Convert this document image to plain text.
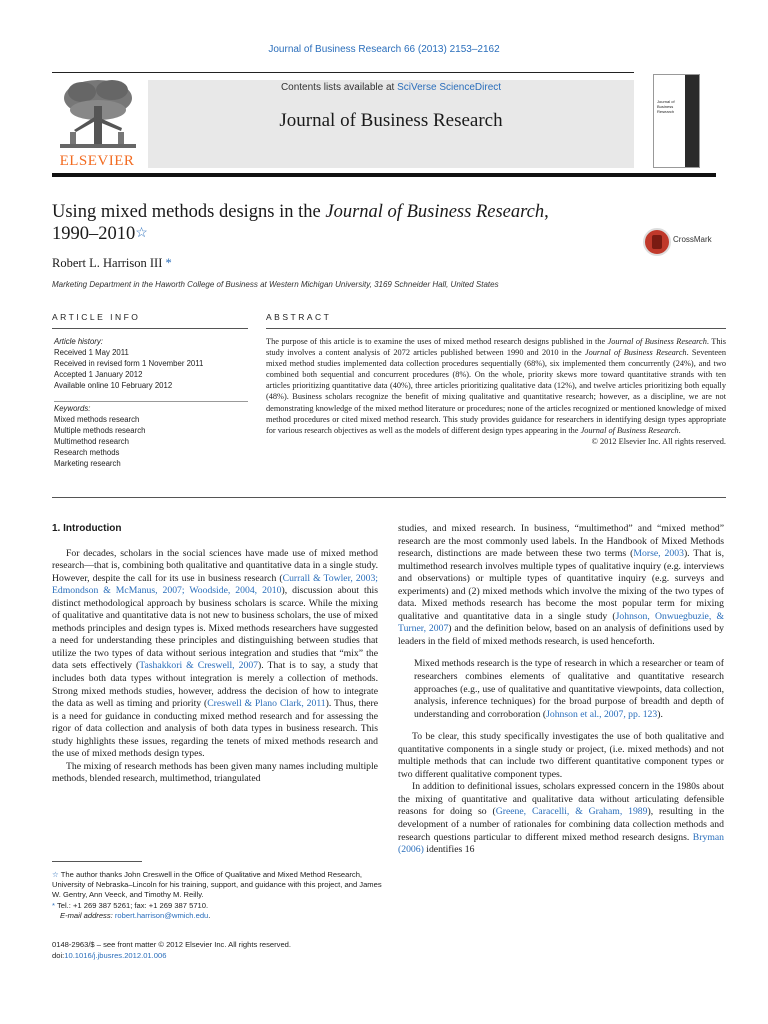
Journal of Business Research 66 (2013) 2153–2162
ELSEVIER
Contents lists available at SciVerse ScienceDirect
Journal of Business Research
Journal of Business Research
Using mixed methods designs in the Journal of Business Research,
1990–2010☆	CrossMark
Robert L. Harrison III *
Marketing Department in the Haworth College of Business at Western Michigan University, 3169 Schneider Hall, United States
ARTICLE INFO
Article history:
Received 1 May 2011
Received in revised form 1 November 2011
Accepted 1 January 2012
Available online 10 February 2012
Keywords:
Mixed methods research
Multiple methods research
Multimethod research
Research methods
Marketing research
ABSTRACT
The purpose of this article is to examine the uses of mixed method research designs published in the Journal of Business Research. This study involves a content analysis of 2072 articles published between 1990 and 2010 in the Journal of Business Research. Seventeen mixed method studies implemented data collection procedures sequentially (68%), six implemented them concurrently (24%), and two combined both sequential and concurrent procedures (8%). On the whole, priority skews more toward quantitative strands with ten articles prioritizing quantitative data (40%), three articles prioritizing qualitative data (12%), and twelve articles prioritizing both equally (48%). Business scholars recognize the benefit of mixing qualitative and quantitative research; however, as a discipline, we are not demonstrating knowledge of the mixed method literature or procedures; none of the articles recognized or mentioned knowledge of mixed method procedures or cited mixed method research. This study provides guidance for researchers in identifying design types appropriate for various research objectives as well as the models of different design types appearing in the Journal of Business Research.
© 2012 Elsevier Inc. All rights reserved.

1. Introduction

For decades, scholars in the social sciences have made use of mixed method research—that is, combining both qualitative and quantitative data in a single study. However, despite the call for its use in business research (Currall & Towler, 2003; Edmondson & McManus, 2007; Woodside, 2004, 2010), discussion about this distinct methodological approach by business scholars is scarce. While the mixing of qualitative and quantitative data is not new to business scholars, the use of mixed methods principles and design types is. Mixed methods researchers have suggested a need for understanding these principles and distinguishing between studies that utilize the two types of data without serious integration and studies that “mix” the data sets effectively (Tashakkori & Creswell, 2007). That is to say, a study that includes both data types without integration is merely a collection of methods. Strong mixed methods studies, however, address the decision of how to integrate the data as well as timing and priority (Creswell & Plano Clark, 2011). Thus, there is a need for guidance in conducting mixed method research and for assessing the rigor of data collection and analysis of both data types in business research. This study highlights these issues, regarding the tenets of mixed methods research and the use of mixed methods design types.

The mixing of research methods has been given many names including multiple methods, blended research, multimethod, triangulated

studies, and mixed research. In business, “multimethod” and “mixed method” research are the most commonly used labels. In the Handbook of Mixed Methods research, distinctions are made between these two terms (Morse, 2003). That is, multimethod research involves multiple types of qualitative inquiry (e.g. interviews and observations) or multiple types of quantitative inquiry (e.g. surveys and experiments) and (2) mixed methods which involve the mixing of the two types of data. Mixed methods research has become the most popular term for mixing qualitative and quantitative data in a single study (Johnson, Onwuegbuzie, & Turner, 2007) and the definition below, based on an analysis of definitions used by leaders in the field of mixed methods research, is used henceforth.

Mixed methods research is the type of research in which a researcher or team of researchers combines elements of qualitative and quantitative research approaches (e.g., use of qualitative and quantitative viewpoints, data collection, analysis, inference techniques) for the broad purpose of breadth and depth of understanding and corroboration (Johnson et al., 2007, pp. 123).

To be clear, this study specifically investigates the use of both qualitative and quantitative components in a single study or project, (i.e. mixed methods) and not multiple methods that can include two different quantitative component types or two different qualitative component types.

In addition to definitional issues, scholars expressed concern in the 1980s about the mixing of quantitative and qualitative data without articulating defensible reasons for doing so (Greene, Caracelli, & Graham, 1989), resulting in the development of a number of rationales for combining data collection methods and research questions particular to different mixed method research designs. Bryman (2006) identifies 16

☆ The author thanks John Creswell in the Office of Qualitative and Mixed Method Research, University of Nebraska–Lincoln for his training, support, and guidance with this project, and James W. Gentry, Ann Veeck, and Timothy M. Reilly.

* Tel.: +1 269 387 5261; fax: +1 269 387 5710.

E-mail address: robert.harrison@wmich.edu.

0148-2963/$ – see front matter © 2012 Elsevier Inc. All rights reserved.

doi:10.1016/j.jbusres.2012.01.006
